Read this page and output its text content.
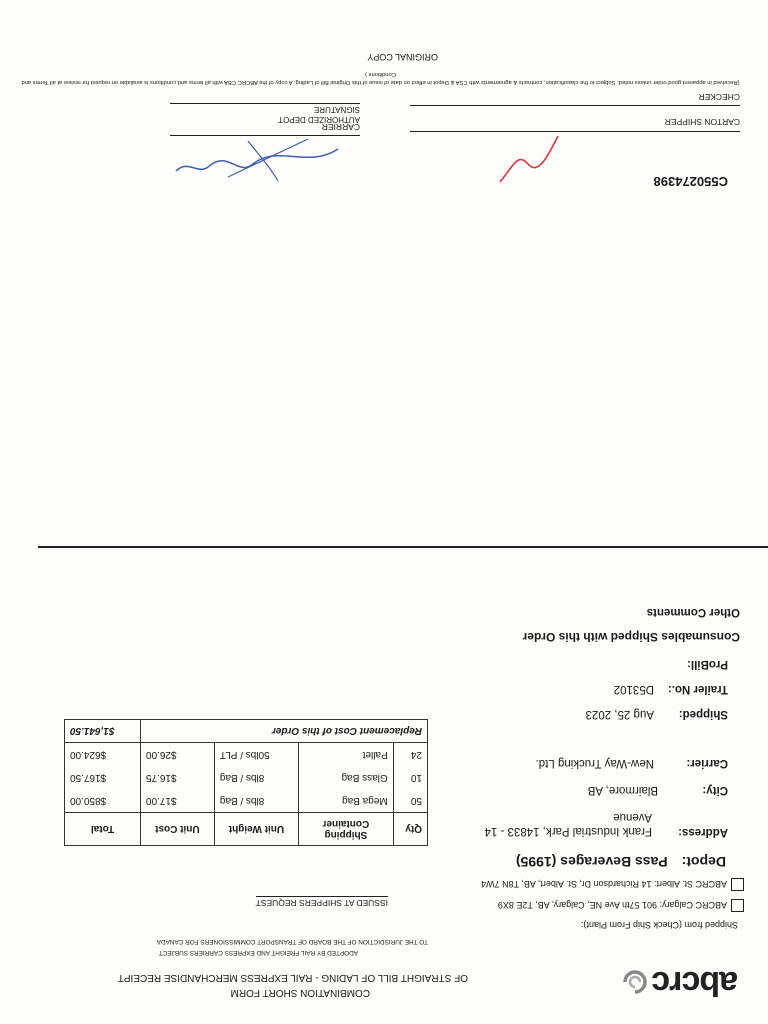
abcrc
COMBINATION SHORT FORM
OF STRAIGHT BILL OF LADING - RAIL EXPRESS MERCHANDISE RECEIPT
ADOPTED BY RAIL FREIGHT AND EXPRESS CARRIERS SUBJECT
TO THE JURISDICTION OF THE BOARD OF TRANSPORT COMMISSIONERS FOR CANADA
ISSUED AT SHIPPERS REQUEST
Shipped from (Check Ship From Plant):
ABCRC Calgary: 901 57th Ave NE, Calgary, AB, T2E 8X9
ABCRC St. Albert: 14 Richardson Dr, St. Albert, AB, T8N 7W4
Depot:
Pass Beverages (1995)
Address:
Frank Industrial Park, 14833 - 14 Avenue
City:
Blairmore, AB
Carrier:
New-Way Trucking Ltd.
Shipped:
Aug 25, 2023
Trailer No.:
D53102
ProBill:
Consumables Shipped with this Order
Other Comments
Qty	Shipping Container	Unit Weight	Unit Cost	Total
50	Mega Bag	8lbs / Bag	$17.00	$850.00
10	Glass Bag	8lbs / Bag	$16.75	$167.50
24	Pallet	50lbs / PLT	$26.00	$624.00
Replacement Cost of this Order				$1,641.50
C550274398
CARTON SHIPPER
CARRIER
CHECKER
AUTHORIZED DEPOT SIGNATURE
(Received in apparent good order unless noted. Subject to the classification, contracts & agreements with CSA & Depot in effect on date of issue of this Original Bill of Lading. A copy of the ABCRC CBA with all terms and conditions is available on request for review at all Terms and Conditions )
ORIGINAL COPY
